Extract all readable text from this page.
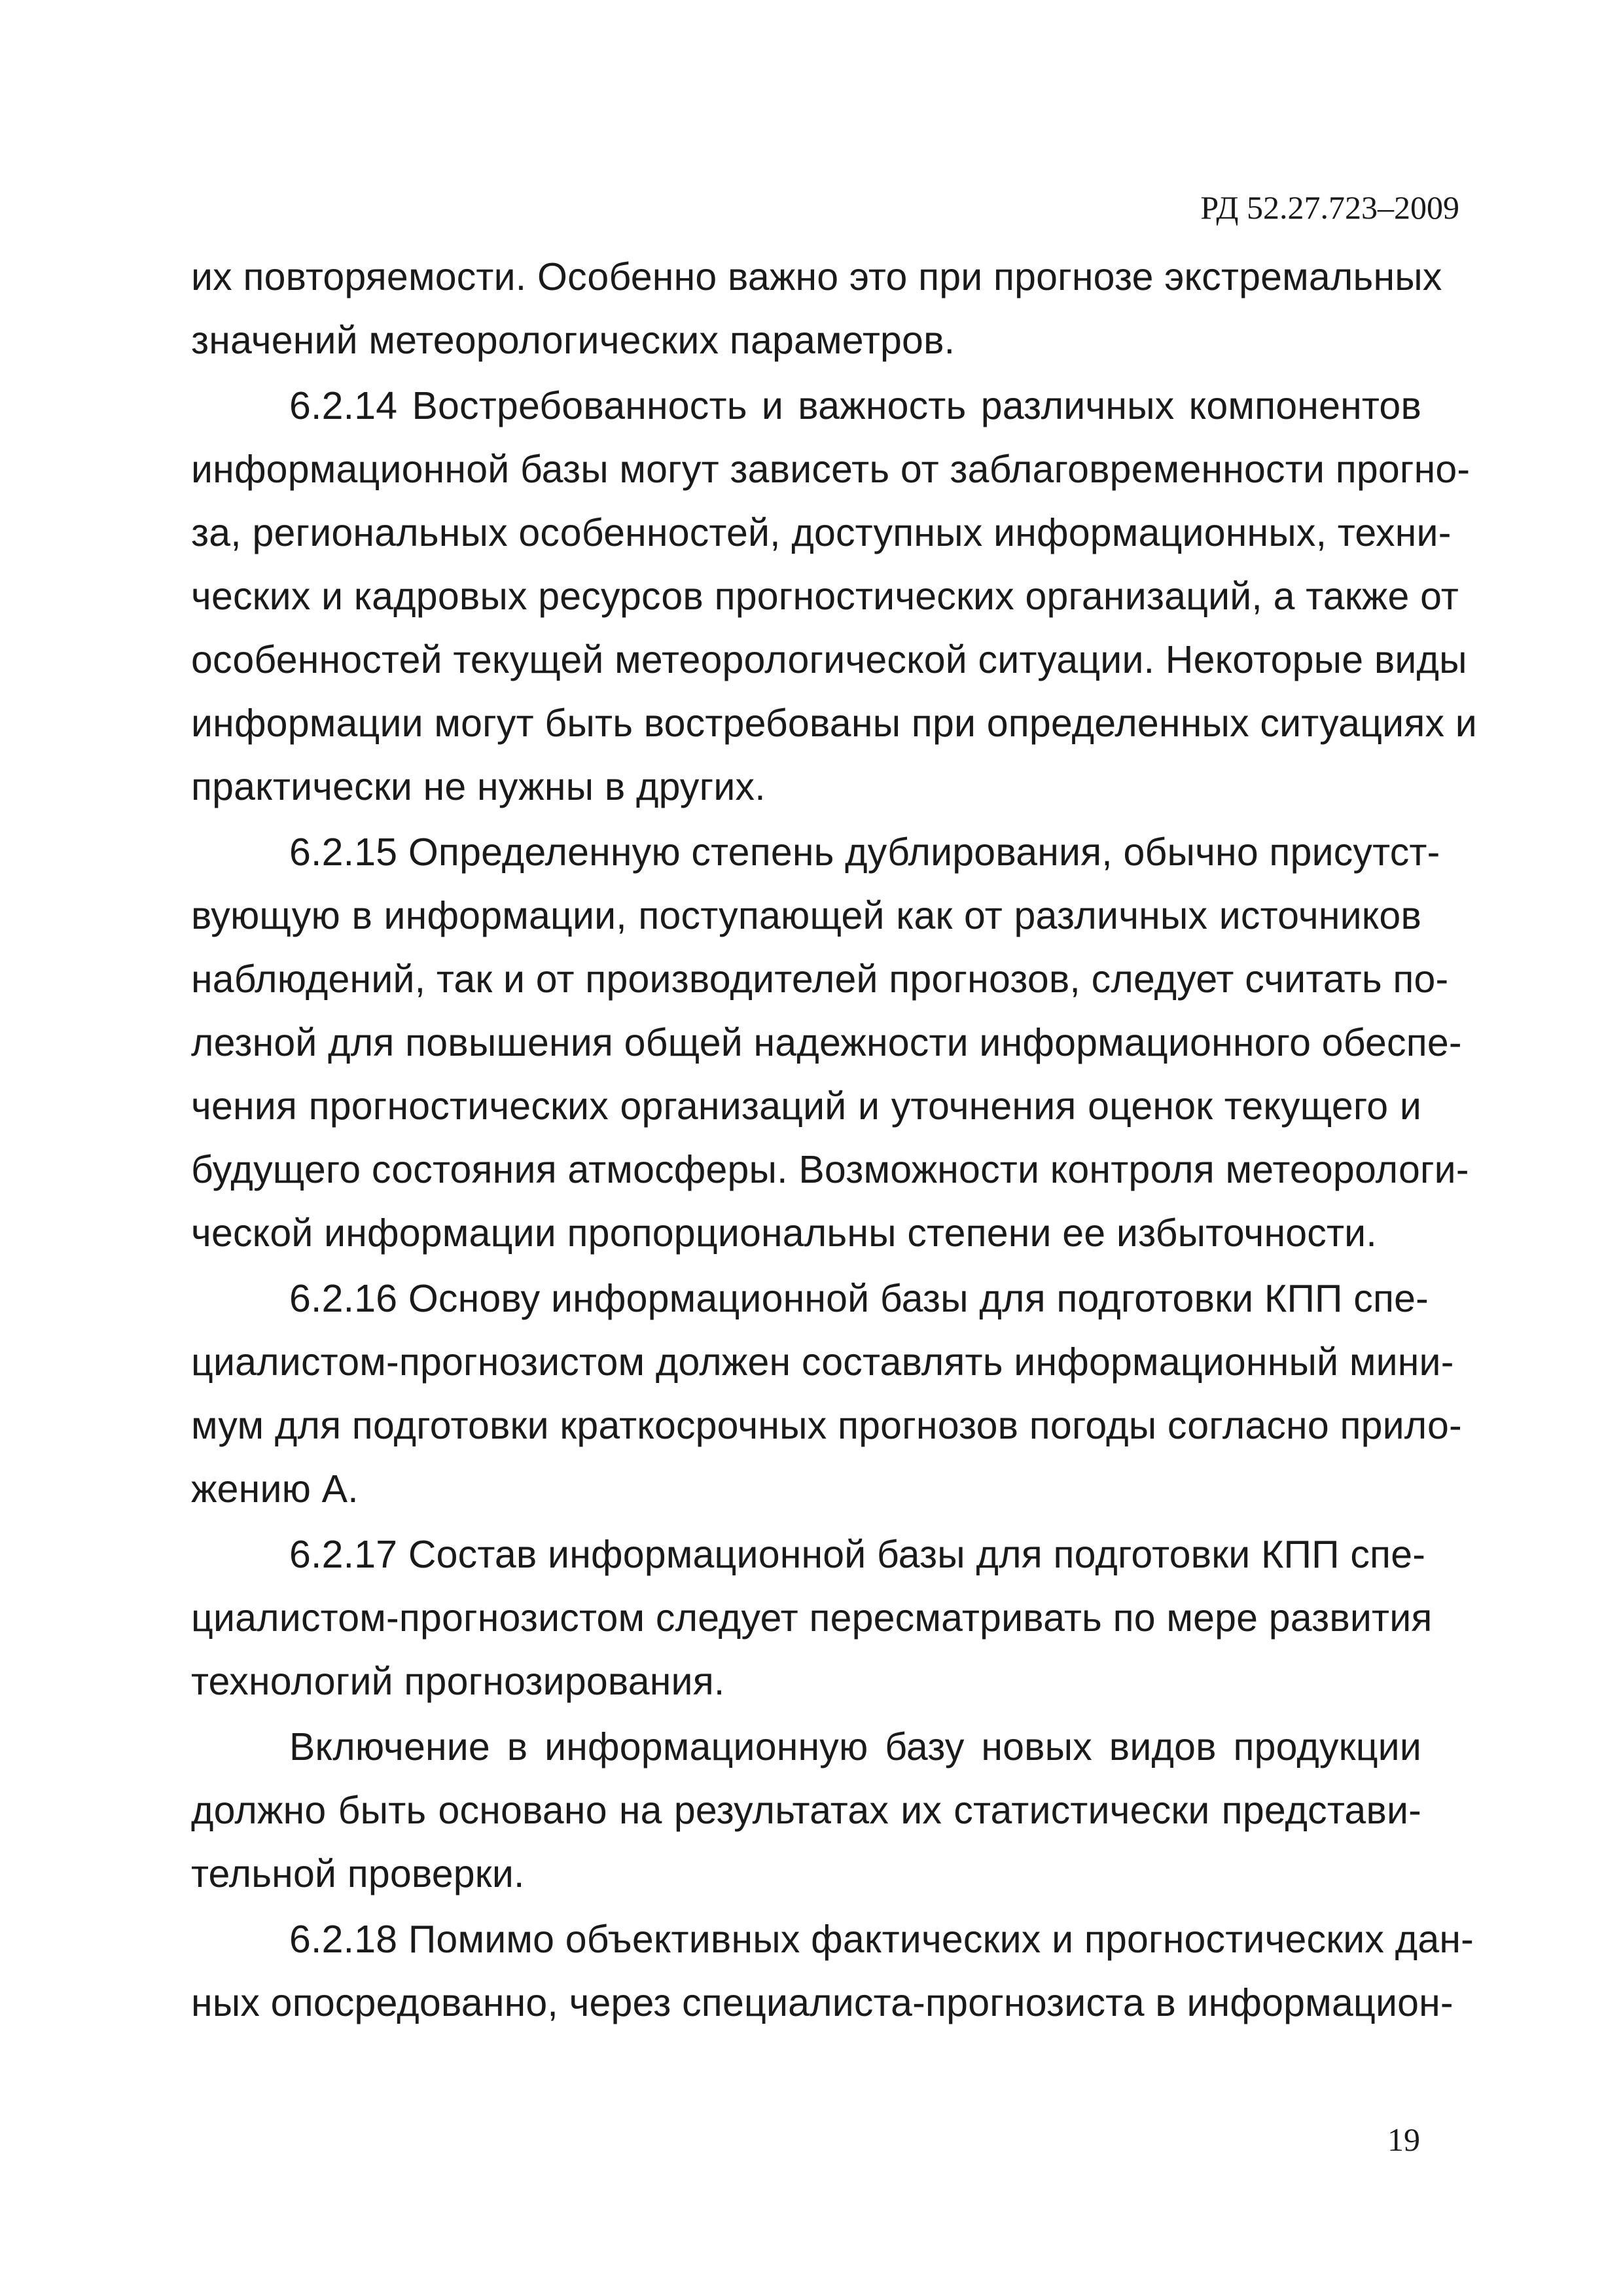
РД 52.27.723–2009

их повторяемости. Особенно важно это при прогнозе экстремальных
значений метеорологических параметров.

6.2.14 Востребованность и важность различных компонентов
информационной базы могут зависеть от заблаговременности прогно-
за, региональных особенностей, доступных информационных, техни-
ческих и кадровых ресурсов прогностических организаций, а также от
особенностей текущей метеорологической ситуации. Некоторые виды
информации могут быть востребованы при определенных ситуациях и
практически не нужны в других.

6.2.15 Определенную степень дублирования, обычно присутст-
вующую в информации, поступающей как от различных источников
наблюдений, так и от производителей прогнозов, следует считать по-
лезной для повышения общей надежности информационного обеспе-
чения прогностических организаций и уточнения оценок текущего и
будущего состояния атмосферы. Возможности контроля метеорологи-
ческой информации пропорциональны степени ее избыточности.

6.2.16 Основу информационной базы для подготовки КПП спе-
циалистом-прогнозистом должен составлять информационный мини-
мум для подготовки краткосрочных прогнозов погоды согласно прило-
жению А.

6.2.17 Состав информационной базы для подготовки КПП спе-
циалистом-прогнозистом следует пересматривать по мере развития
технологий прогнозирования.

Включение в информационную базу новых видов продукции
должно быть основано на результатах их статистически представи-
тельной проверки.

6.2.18 Помимо объективных фактических и прогностических дан-
ных опосредованно, через специалиста-прогнозиста в информацион-

19
